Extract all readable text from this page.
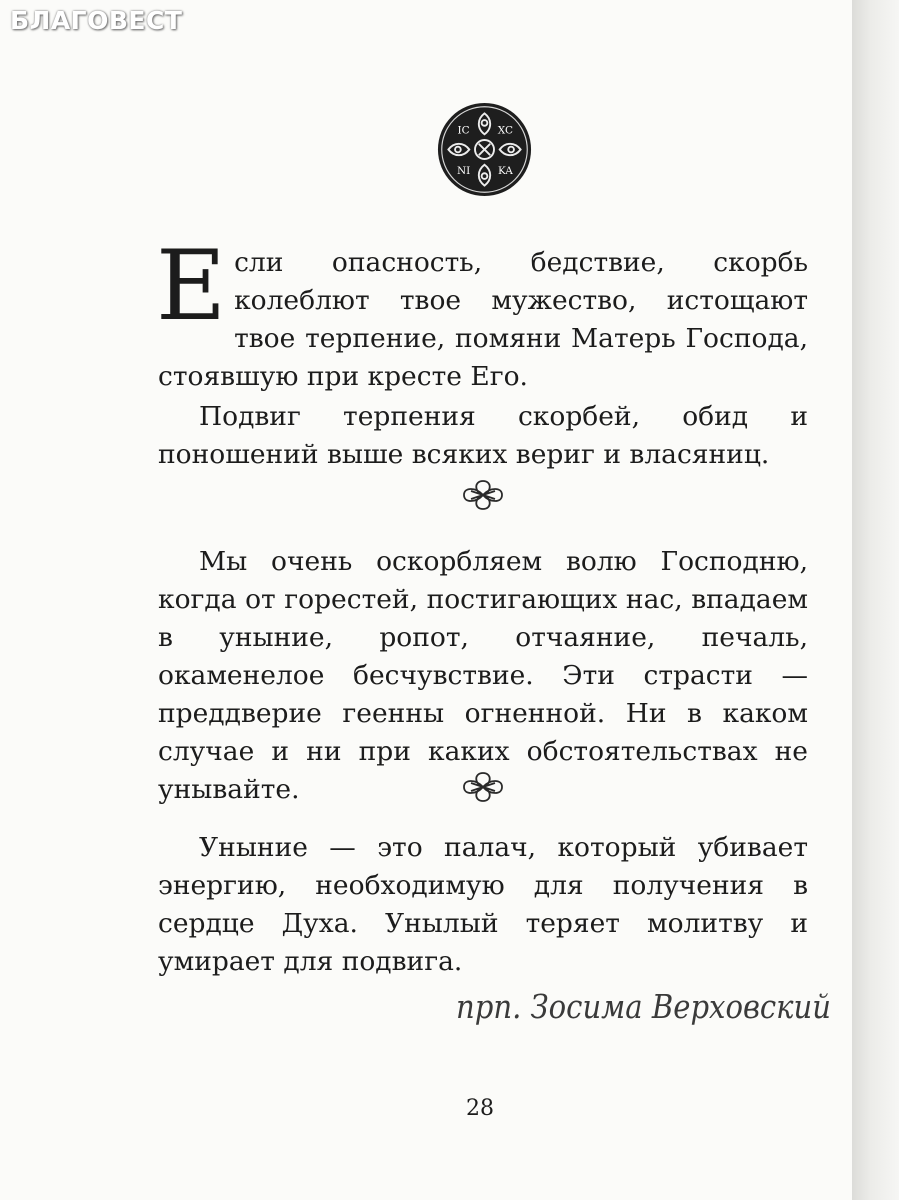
БЛАГОВЕСТ
IC	XC
NI	KA

Если опасность, бедствие, скорбь колеблют твое мужество, истощают твое терпение, помяни Матерь Господа, стоявшую при кресте Его.

Подвиг терпения скорбей, обид и поношений выше всяких вериг и власяниц.

Мы очень оскорбляем волю Господню, когда от горестей, постигающих нас, впадаем в уныние, ропот, отчаяние, печаль, окаменелое бесчувствие. Эти страсти — преддверие геенны огненной. Ни в каком случае и ни при каких обстоятельствах не унывайте.

Уныние — это палач, который убивает энергию, необходимую для получения в сердце Духа. Унылый теряет молитву и умирает для подвига.

прп. Зосима Верховский
28
